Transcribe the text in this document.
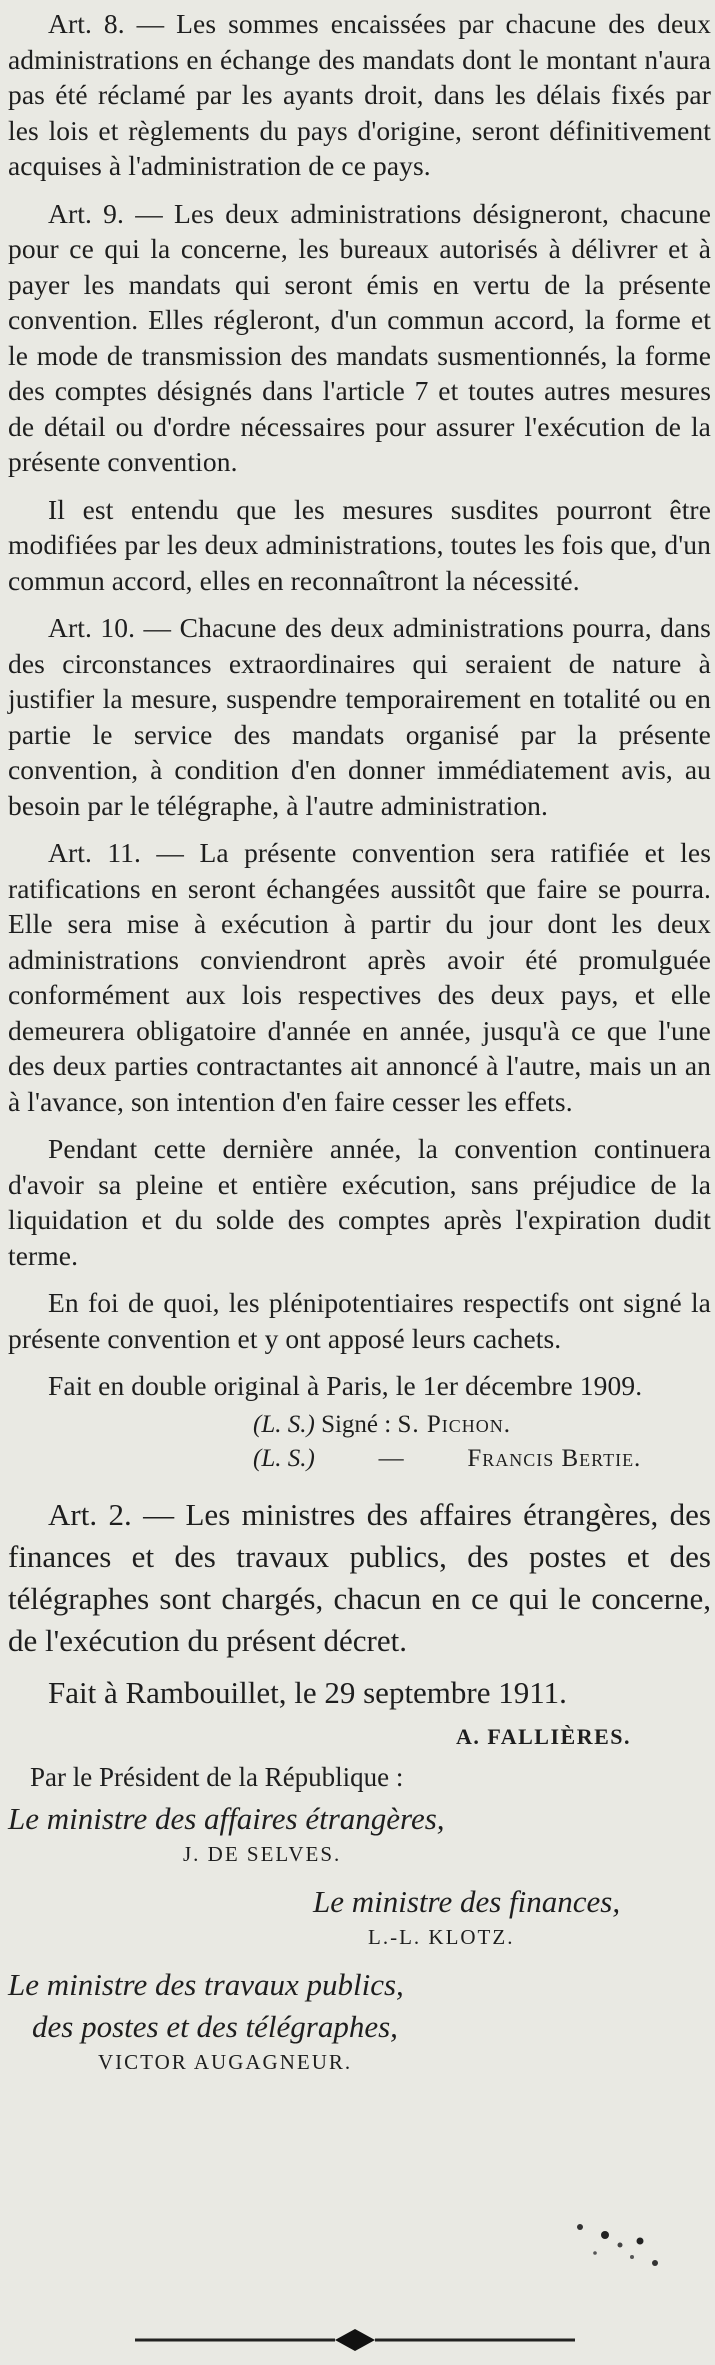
Art. 8. — Les sommes encaissées par chacune des deux administrations en échange des mandats dont le montant n'aura pas été réclamé par les ayants droit, dans les délais fixés par les lois et règlements du pays d'origine, seront définitivement acquises à l'administration de ce pays.

Art. 9. — Les deux administrations désigneront, chacune pour ce qui la concerne, les bureaux autorisés à délivrer et à payer les mandats qui seront émis en vertu de la présente convention. Elles régleront, d'un commun accord, la forme et le mode de transmission des mandats susmentionnés, la forme des comptes désignés dans l'article 7 et toutes autres mesures de détail ou d'ordre nécessaires pour assurer l'exécution de la présente convention.

Il est entendu que les mesures susdites pourront être modifiées par les deux administrations, toutes les fois que, d'un commun accord, elles en reconnaîtront la nécessité.

Art. 10. — Chacune des deux administrations pourra, dans des circonstances extraordinaires qui seraient de nature à justifier la mesure, suspendre temporairement en totalité ou en partie le service des mandats organisé par la présente convention, à condition d'en donner immédiatement avis, au besoin par le télégraphe, à l'autre administration.

Art. 11. — La présente convention sera ratifiée et les ratifications en seront échangées aussitôt que faire se pourra. Elle sera mise à exécution à partir du jour dont les deux administrations conviendront après avoir été promulguée conformément aux lois respectives des deux pays, et elle demeurera obligatoire d'année en année, jusqu'à ce que l'une des deux parties contractantes ait annoncé à l'autre, mais un an à l'avance, son intention d'en faire cesser les effets.

Pendant cette dernière année, la convention continuera d'avoir sa pleine et entière exécution, sans préjudice de la liquidation et du solde des comptes après l'expiration dudit terme.

En foi de quoi, les plénipotentiaires respectifs ont signé la présente convention et y ont apposé leurs cachets.

Fait en double original à Paris, le 1er décembre 1909.

(L. S.) Signé : S. Pichon.

(L. S.)	—	Francis Bertie.

Art. 2. — Les ministres des affaires étrangères, des finances et des travaux publics, des postes et des télégraphes sont chargés, chacun en ce qui le concerne, de l'exécution du présent décret.

Fait à Rambouillet, le 29 septembre 1911.

A. FALLIÈRES.

Par le Président de la République :

Le ministre des affaires étrangères,

J. DE SELVES.

Le ministre des finances,

L.-L. KLOTZ.

Le ministre des travaux publics,

des postes et des télégraphes,

VICTOR AUGAGNEUR.
